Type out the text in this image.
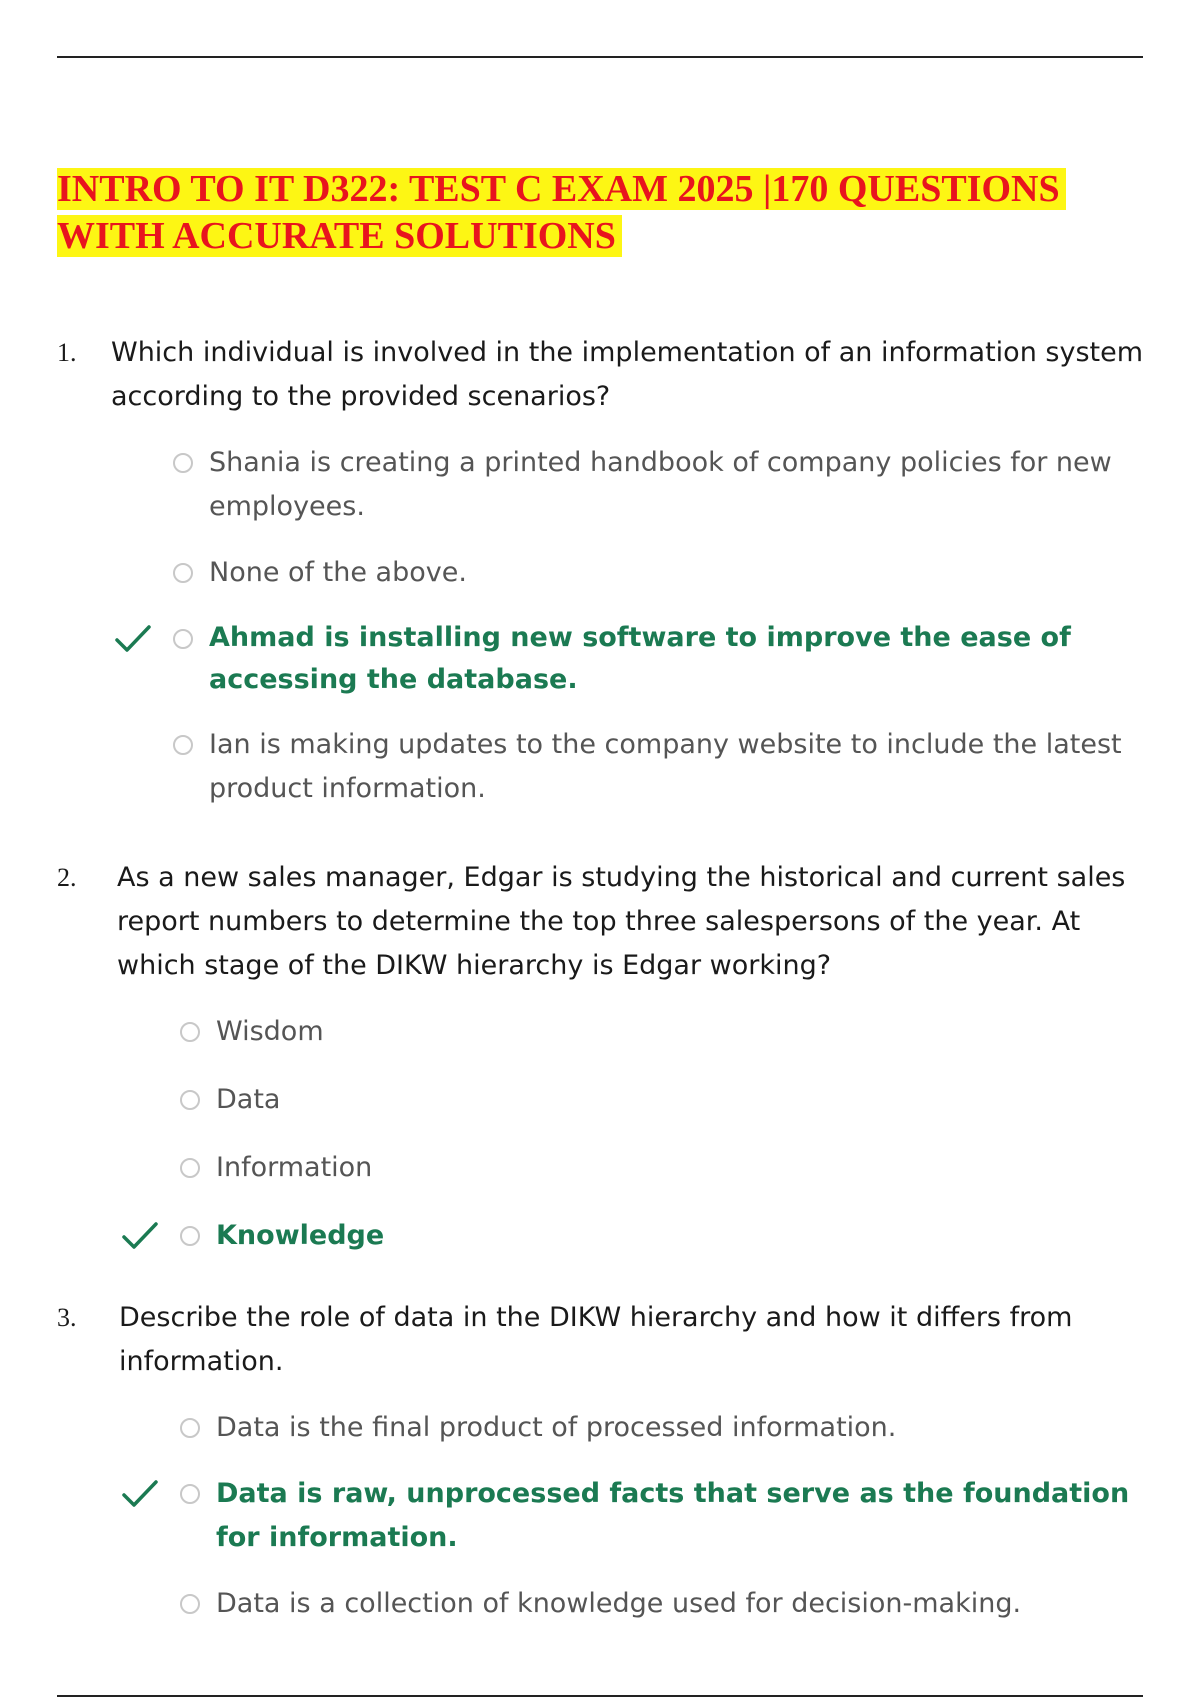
INTRO TO IT D322: TEST C EXAM 2025 |170 QUESTIONS WITH ACCURATE SOLUTIONS
1. Which individual is involved in the implementation of an information system according to the provided scenarios?

Shania is creating a printed handbook of company policies for new employees.
None of the above.
Ahmad is installing new software to improve the ease of accessing the database.
Ian is making updates to the company website to include the latest product information.
2. As a new sales manager, Edgar is studying the historical and current sales report numbers to determine the top three salespersons of the year. At which stage of the DIKW hierarchy is Edgar working?

Wisdom
Data
Information
Knowledge
3. Describe the role of data in the DIKW hierarchy and how it differs from information.

Data is the final product of processed information.
Data is raw, unprocessed facts that serve as the foundation for information.
Data is a collection of knowledge used for decision-making.
